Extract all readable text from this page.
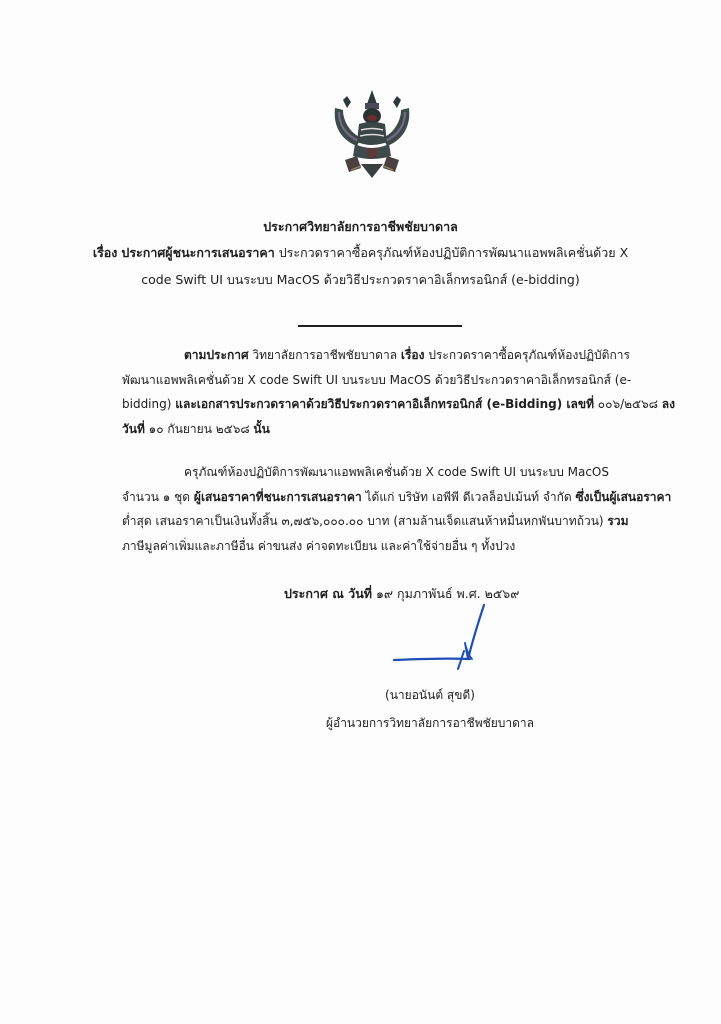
ประกาศวิทยาลัยการอาชีพชัยบาดาล
เรื่อง ประกาศผู้ชนะการเสนอราคา ประกวดราคาซื้อครุภัณฑ์ห้องปฏิบัติการพัฒนาแอพพลิเคชั่นด้วย X
code Swift UI บนระบบ MacOS ด้วยวิธีประกวดราคาอิเล็กทรอนิกส์ (e-bidding)
ตามประกาศ วิทยาลัยการอาชีพชัยบาดาล เรื่อง ประกวดราคาซื้อครุภัณฑ์ห้องปฏิบัติการ
พัฒนาแอพพลิเคชั่นด้วย X code Swift UI บนระบบ MacOS ด้วยวิธีประกวดราคาอิเล็กทรอนิกส์ (e-
bidding) และเอกสารประกวดราคาด้วยวิธีประกวดราคาอิเล็กทรอนิกส์ (e-Bidding) เลขที่ ๐๐๖/๒๕๖๘ ลง
วันที่ ๑๐ กันยายน ๒๕๖๘ นั้น
ครุภัณฑ์ห้องปฏิบัติการพัฒนาแอพพลิเคชั่นด้วย X code Swift UI บนระบบ MacOS
จำนวน ๑ ชุด ผู้เสนอราคาที่ชนะการเสนอราคา ได้แก่ บริษัท เอพีพี ดีเวลล็อปเม้นท์ จำกัด ซึ่งเป็นผู้เสนอราคา
ต่ำสุด เสนอราคาเป็นเงินทั้งสิ้น ๓,๗๕๖,๐๐๐.๐๐ บาท (สามล้านเจ็ดแสนห้าหมื่นหกพันบาทถ้วน) รวม
ภาษีมูลค่าเพิ่มและภาษีอื่น ค่าขนส่ง ค่าจดทะเบียน และค่าใช้จ่ายอื่น ๆ ทั้งปวง
ประกาศ ณ วันที่ ๑๙ กุมภาพันธ์ พ.ศ. ๒๕๖๙
(นายอนันต์ สุขดี)
ผู้อำนวยการวิทยาลัยการอาชีพชัยบาดาล
